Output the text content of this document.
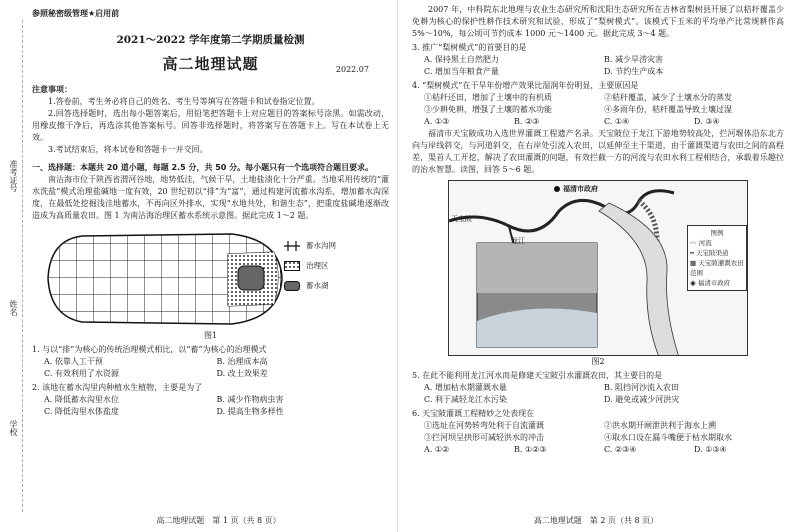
准考证号
姓名
学校
参照秘密级管理★启用前
2021～2022 学年度第二学期质量检测
高二地理试题	2022.07
注意事项：
1.答卷前，考生务必将自己的姓名、考生号等填写在答题卡和试卷指定位置。
2.回答选择题时，选出每小题答案后，用铅笔把答题卡上对应题目的答案标号涂黑。如需改动，用橡皮擦干净后，再选涂其他答案标号。回答非选择题时，将答案写在答题卡上。写在本试卷上无效。
3.考试结束后，将本试卷和答题卡一并交回。
一、选择题：本题共 20 道小题，每题 2.5 分，共 50 分。每小题只有一个选项符合题目要求。
南沾海市位于陕西省渭河谷地，地势低洼，气候干旱，土地盐渍化十分严重。当地采用传统的“灌水洗盐”模式治理盐碱地一度有效，20 世纪初以“排”为“富”，通过构建河流蓄水沟系，增加蓄水沟深度，在最低处挖掘浅洼地蓄水，不再向区外排水，实现“水地共处，和谐生态”，把重度盐碱地逐渐改造成为高质量农田。图 1 为南沾海治理区蓄水系统示意图。据此完成 1～2 题。
蓄水沟网
治理区
蓄水湖
图1
1. 与以“排”为核心的传统治理模式相比，以“蓄”为核心的治理模式
A. 依靠人工干预	B. 治理成本高
C. 有效利用了水资源	D. 改土效果差
2. 该地在蓄水沟里内种植水生植物，主要是为了
A. 降低蓄水沟里水位	B. 减少作物病虫害
C. 降低沟里水体盐度	D. 提高生物多样性
高二地理试题　第 1 页（共 8 页）
2007 年，中科院东北地理与农业生态研究所和沈阳生态研究所在吉林省梨树县开展了以秸秆覆盖少免耕为核心的保护性耕作技术研究和试验，形成了“梨树模式”。该模式下玉米的平均单产比常规耕作高 5%～10%，每公顷可节约成本 1000 元～1400 元。据此完成 3～4 题。
3. 推广“梨树模式”的首要目的是
A. 保持黑土自然肥力	B. 减少旱涝灾害
C. 增加当年粮食产量	D. 节约生产成本
4. “梨树模式”在干旱年份增产效果比湿润年份明显，主要原因是
①秸秆还田，增加了土壤中的有机质	②秸秆覆盖，减少了土壤水分的蒸发
③少耕免耕，增强了土壤的蓄水功能	④多雨年份，秸秆覆盖导致土壤过湿
A. ①③	B. ②③	C. ①④	D. ③④
福清市天宝陂成功入选世界灌溉工程遗产名录。天宝陂位于龙江下游地势较高处，拦河堰体沿东北方向与岸线斜交，与河道斜交，在右岸处引流入农田，以延伸至主干渠道，由于灌溉渠道与农田之间的高程差，渠首人工开挖，解决了农田灌溉的问题，有效拦截一方的河流与农田水利工程相结合，承载着乐趣拉的治水智慧。读图，回答 5～6 题。
福清市政府
天宝陂
龙江
图例
〰 河流
━ 天宝陂渠道
▩ 天宝陂灌溉农田范围
◉ 福清市政府
图2
5. 在此不能利用龙江河水而是修建天宝陂引水灌溉农田，其主要目的是
A. 增加枯水期灌溉水量	B. 阻挡河沙流入农田
C. 利于减轻龙江水污染	D. 避免或减少河洪灾
6. 天宝陂灌溉工程精妙之处表现在
①选址在河势转弯处利于自流灌溉	②洪水期开闸泄洪利于海水上溯
③拦河坝呈拱形可减轻洪水的冲击	④取水口设在漏斗嘴便于枯水期取水
A. ①②	B. ①②③	C. ②③④	D. ①③④
高二地理试题　第 2 页（共 8 页）
